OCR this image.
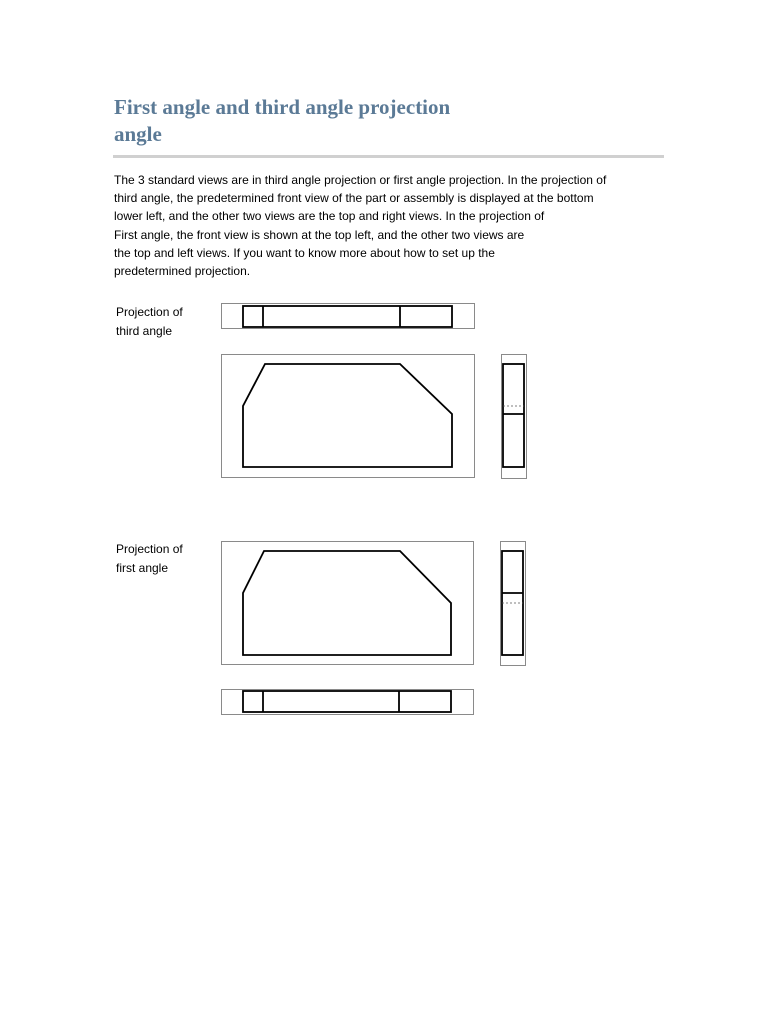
First angle and third angle projection
angle
The 3 standard views are in third angle projection or first angle projection. In the projection of
third angle, the predetermined front view of the part or assembly is displayed at the bottom
lower left, and the other two views are the top and right views. In the projection of
First angle, the front view is shown at the top left, and the other two views are
the top and left views. If you want to know more about how to set up the
predetermined projection.
Projection of
third angle
Projection of
first angle
